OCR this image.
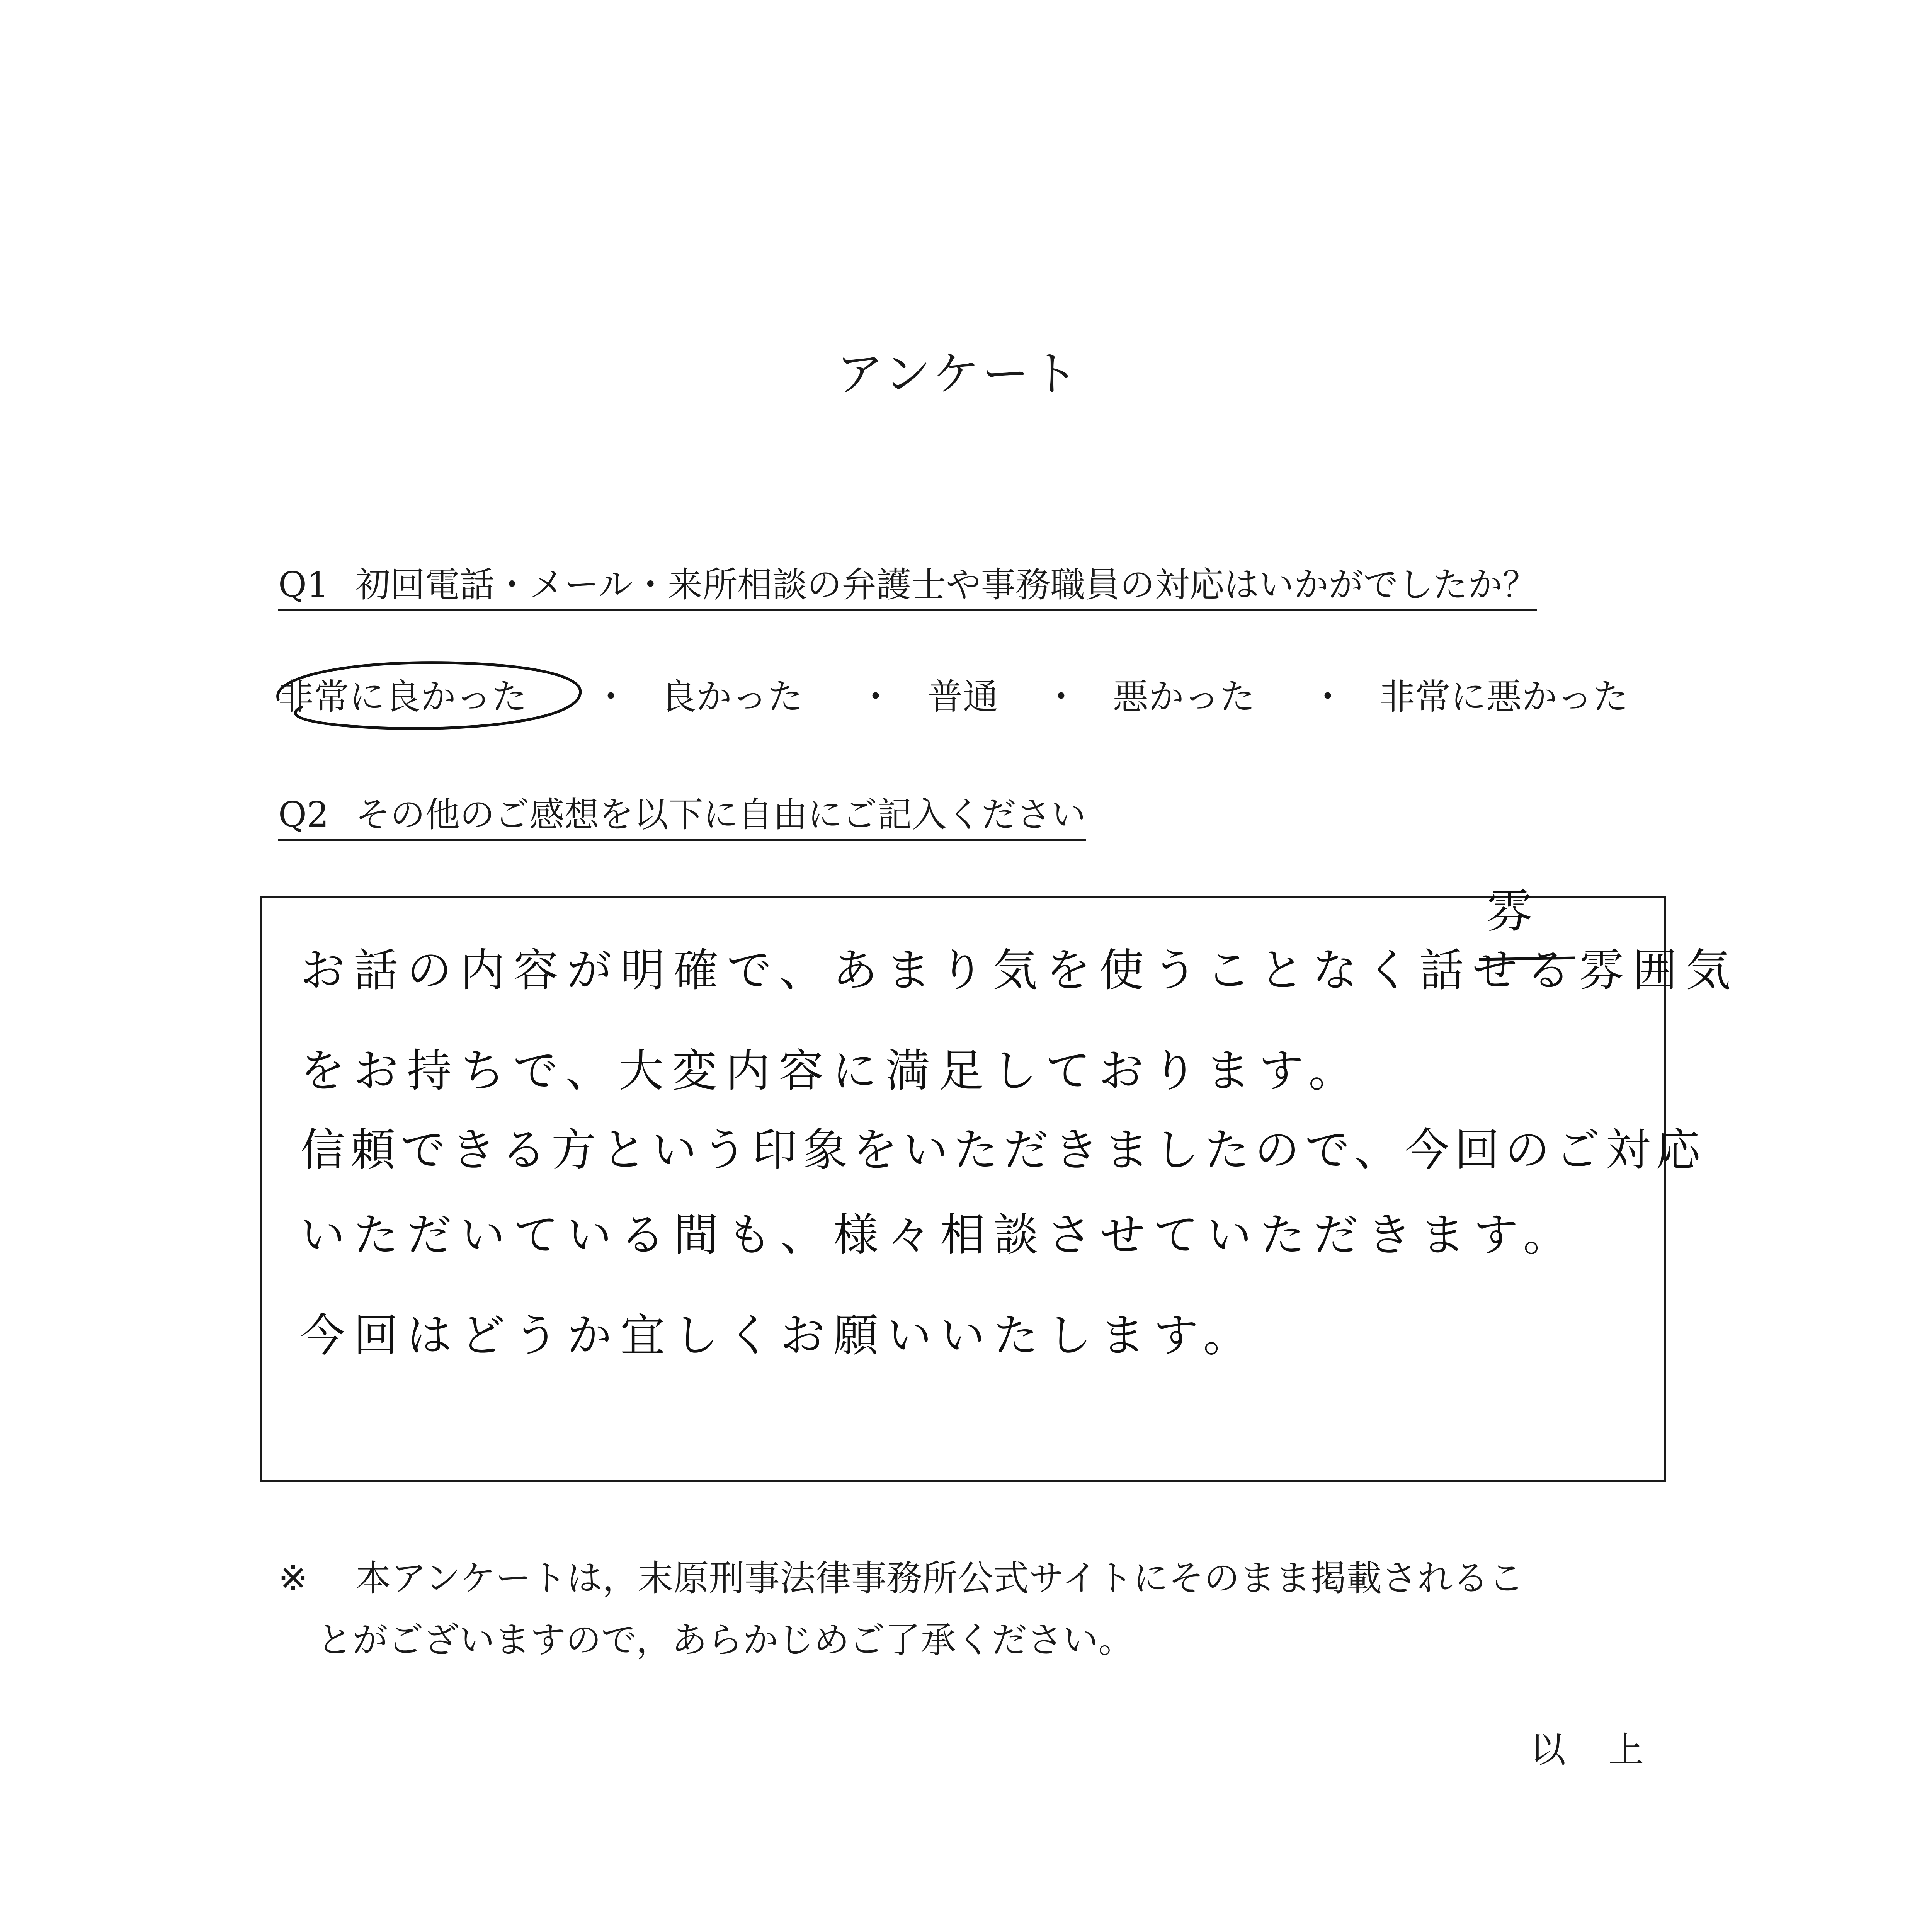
アンケート
Q1 初回電話・メール・来所相談の弁護士や事務職員の対応はいかがでしたか？
非常に良かった ・ 良かった ・ 普通 ・ 悪かった ・ 非常に悪かった
Q2 その他のご感想を以下に自由にご記入ください
雰
お話の内容が明確で、あまり気を使うことなく話せる雰囲気
をお持ちで、大変内容に満足しております。
信頼できる方という印象をいただきましたので、今回のご対応
いただいている間も、様々相談させていただきます。
今回はどうか宜しくお願いいたします。
※ 本アンケートは，末原刑事法律事務所公式サイトにそのまま掲載されるこ
とがございますので，あらかじめご了承ください。
以上
